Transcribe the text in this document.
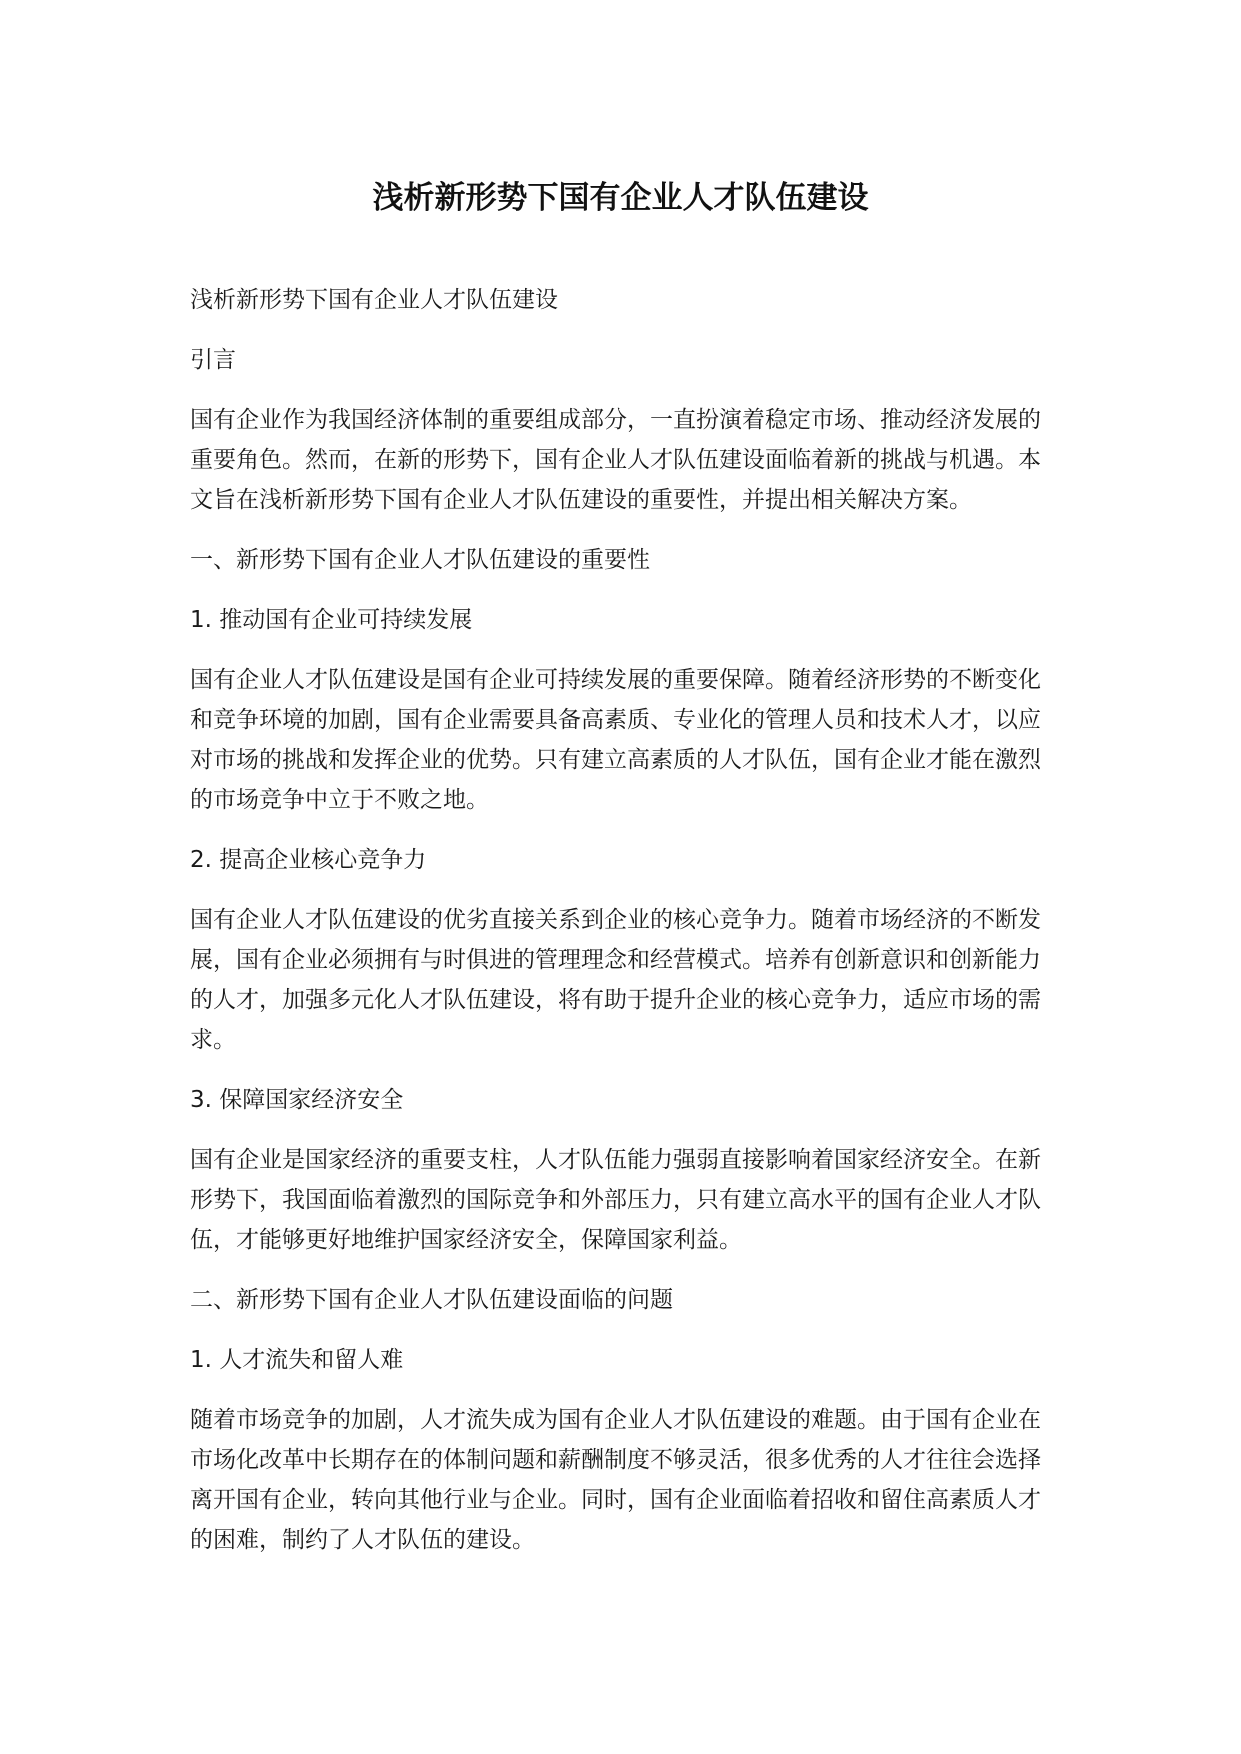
浅析新形势下国有企业人才队伍建设

浅析新形势下国有企业人才队伍建设

引言

国有企业作为我国经济体制的重要组成部分，一直扮演着稳定市场、推动经济发展的
重要角色。然而，在新的形势下，国有企业人才队伍建设面临着新的挑战与机遇。本
文旨在浅析新形势下国有企业人才队伍建设的重要性，并提出相关解决方案。

一、新形势下国有企业人才队伍建设的重要性

1. 推动国有企业可持续发展

国有企业人才队伍建设是国有企业可持续发展的重要保障。随着经济形势的不断变化
和竞争环境的加剧，国有企业需要具备高素质、专业化的管理人员和技术人才，以应
对市场的挑战和发挥企业的优势。只有建立高素质的人才队伍，国有企业才能在激烈
的市场竞争中立于不败之地。

2. 提高企业核心竞争力

国有企业人才队伍建设的优劣直接关系到企业的核心竞争力。随着市场经济的不断发
展，国有企业必须拥有与时俱进的管理理念和经营模式。培养有创新意识和创新能力
的人才，加强多元化人才队伍建设，将有助于提升企业的核心竞争力，适应市场的需
求。

3. 保障国家经济安全

国有企业是国家经济的重要支柱，人才队伍能力强弱直接影响着国家经济安全。在新
形势下，我国面临着激烈的国际竞争和外部压力，只有建立高水平的国有企业人才队
伍，才能够更好地维护国家经济安全，保障国家利益。

二、新形势下国有企业人才队伍建设面临的问题

1. 人才流失和留人难

随着市场竞争的加剧，人才流失成为国有企业人才队伍建设的难题。由于国有企业在
市场化改革中长期存在的体制问题和薪酬制度不够灵活，很多优秀的人才往往会选择
离开国有企业，转向其他行业与企业。同时，国有企业面临着招收和留住高素质人才
的困难，制约了人才队伍的建设。
